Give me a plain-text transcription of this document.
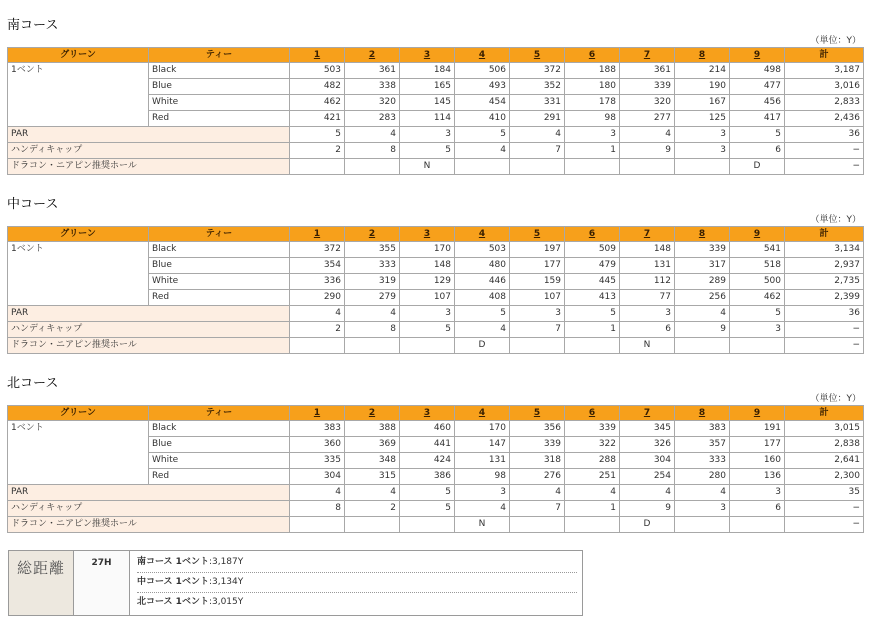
南コース
（単位：Y）
グリーン	ティー	1	2	3	4	5	6	7	8	9	計
1ベント	Black	503	361	184	506	372	188	361	214	498	3,187
	Blue	482	338	165	493	352	180	339	190	477	3,016
	White	462	320	145	454	331	178	320	167	456	2,833
	Red	421	283	114	410	291	98	277	125	417	2,436
PAR		5	4	3	5	4	3	4	3	5	36
ハンディキャップ		2	8	5	4	7	1	9	3	6	−
ドラコン・ニアピン推奨ホール				N						D	−
中コース
（単位：Y）
グリーン	ティー	1	2	3	4	5	6	7	8	9	計
1ベント	Black	372	355	170	503	197	509	148	339	541	3,134
	Blue	354	333	148	480	177	479	131	317	518	2,937
	White	336	319	129	446	159	445	112	289	500	2,735
	Red	290	279	107	408	107	413	77	256	462	2,399
PAR		4	4	3	5	3	5	3	4	5	36
ハンディキャップ		2	8	5	4	7	1	6	9	3	−
ドラコン・ニアピン推奨ホール					D			N			−
北コース
（単位：Y）
グリーン	ティー	1	2	3	4	5	6	7	8	9	計
1ベント	Black	383	388	460	170	356	339	345	383	191	3,015
	Blue	360	369	441	147	339	322	326	357	177	2,838
	White	335	348	424	131	318	288	304	333	160	2,641
	Red	304	315	386	98	276	251	254	280	136	2,300
PAR		4	4	5	3	4	4	4	4	3	35
ハンディキャップ		8	2	5	4	7	1	9	3	6	−
ドラコン・ニアピン推奨ホール					N			D			−
総距離	27H	南コース 1ベント:3,187Y
中コース 1ベント:3,134Y
北コース 1ベント:3,015Y
